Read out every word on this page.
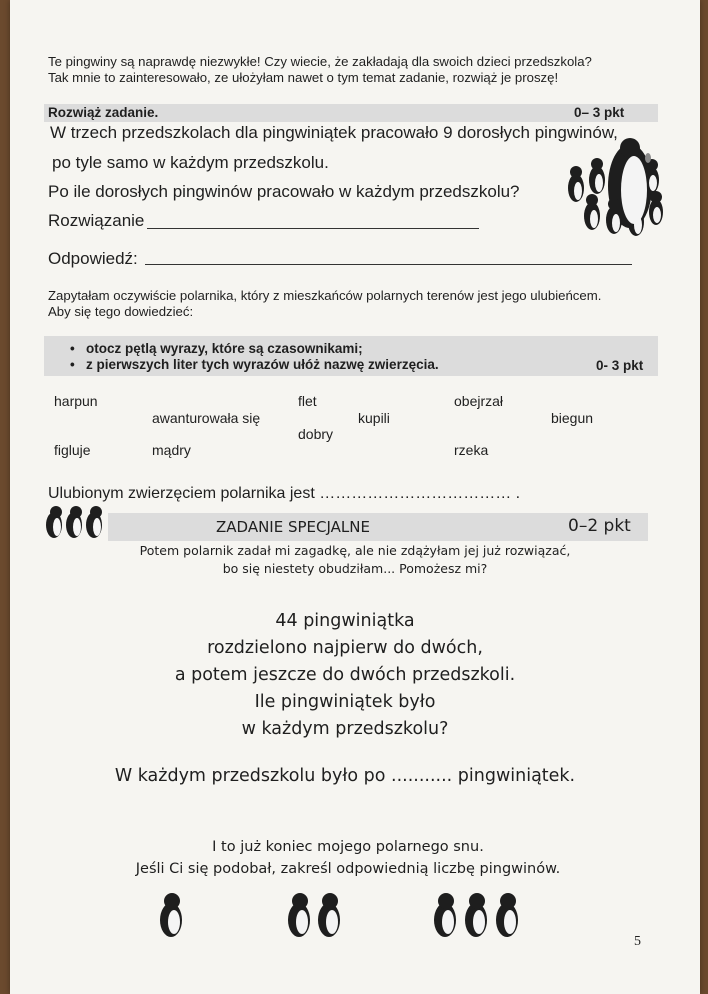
Te pingwiny są naprawdę niezwykłe! Czy wiecie, że zakładają dla swoich dzieci przedszkola?
Tak mnie to zainteresowało, ze ułożyłam nawet o tym temat zadanie, rozwiąż je proszę!
Rozwiąż zadanie.	0– 3 pkt
W trzech przedszkolach dla pingwiniątek pracowało 9 dorosłych pingwinów,
po tyle samo w każdym przedszkolu.
Po ile dorosłych pingwinów pracowało w każdym przedszkolu?
Rozwiązanie
Odpowiedź:
Zapytałam oczywiście polarnika, który z mieszkańców polarnych terenów jest jego ulubieńcem.
Aby się tego dowiedzieć:
•   otocz pętlą wyrazy, które są czasownikami;
•   z pierwszych liter tych wyrazów ułóż nazwę zwierzęcia.	0- 3 pkt
harpun	flet	obejrzał
awanturowała się	kupili	biegun
dobry
figluje	mądry	rzeka
Ulubionym zwierzęciem polarnika jest ……………………………… .
ZADANIE SPECJALNE	0–2 pkt
Potem polarnik zadał mi zagadkę, ale nie zdążyłam jej już rozwiązać,
bo się niestety obudziłam... Pomożesz mi?
44 pingwiniątka
rozdzielono najpierw do dwóch,
a potem jeszcze do dwóch przedszkoli.
Ile pingwiniątek było
w każdym przedszkolu?
W każdym przedszkolu było po ........... pingwiniątek.
I to już koniec mojego polarnego snu.
Jeśli Ci się podobał, zakreśl odpowiednią liczbę pingwinów.
5
